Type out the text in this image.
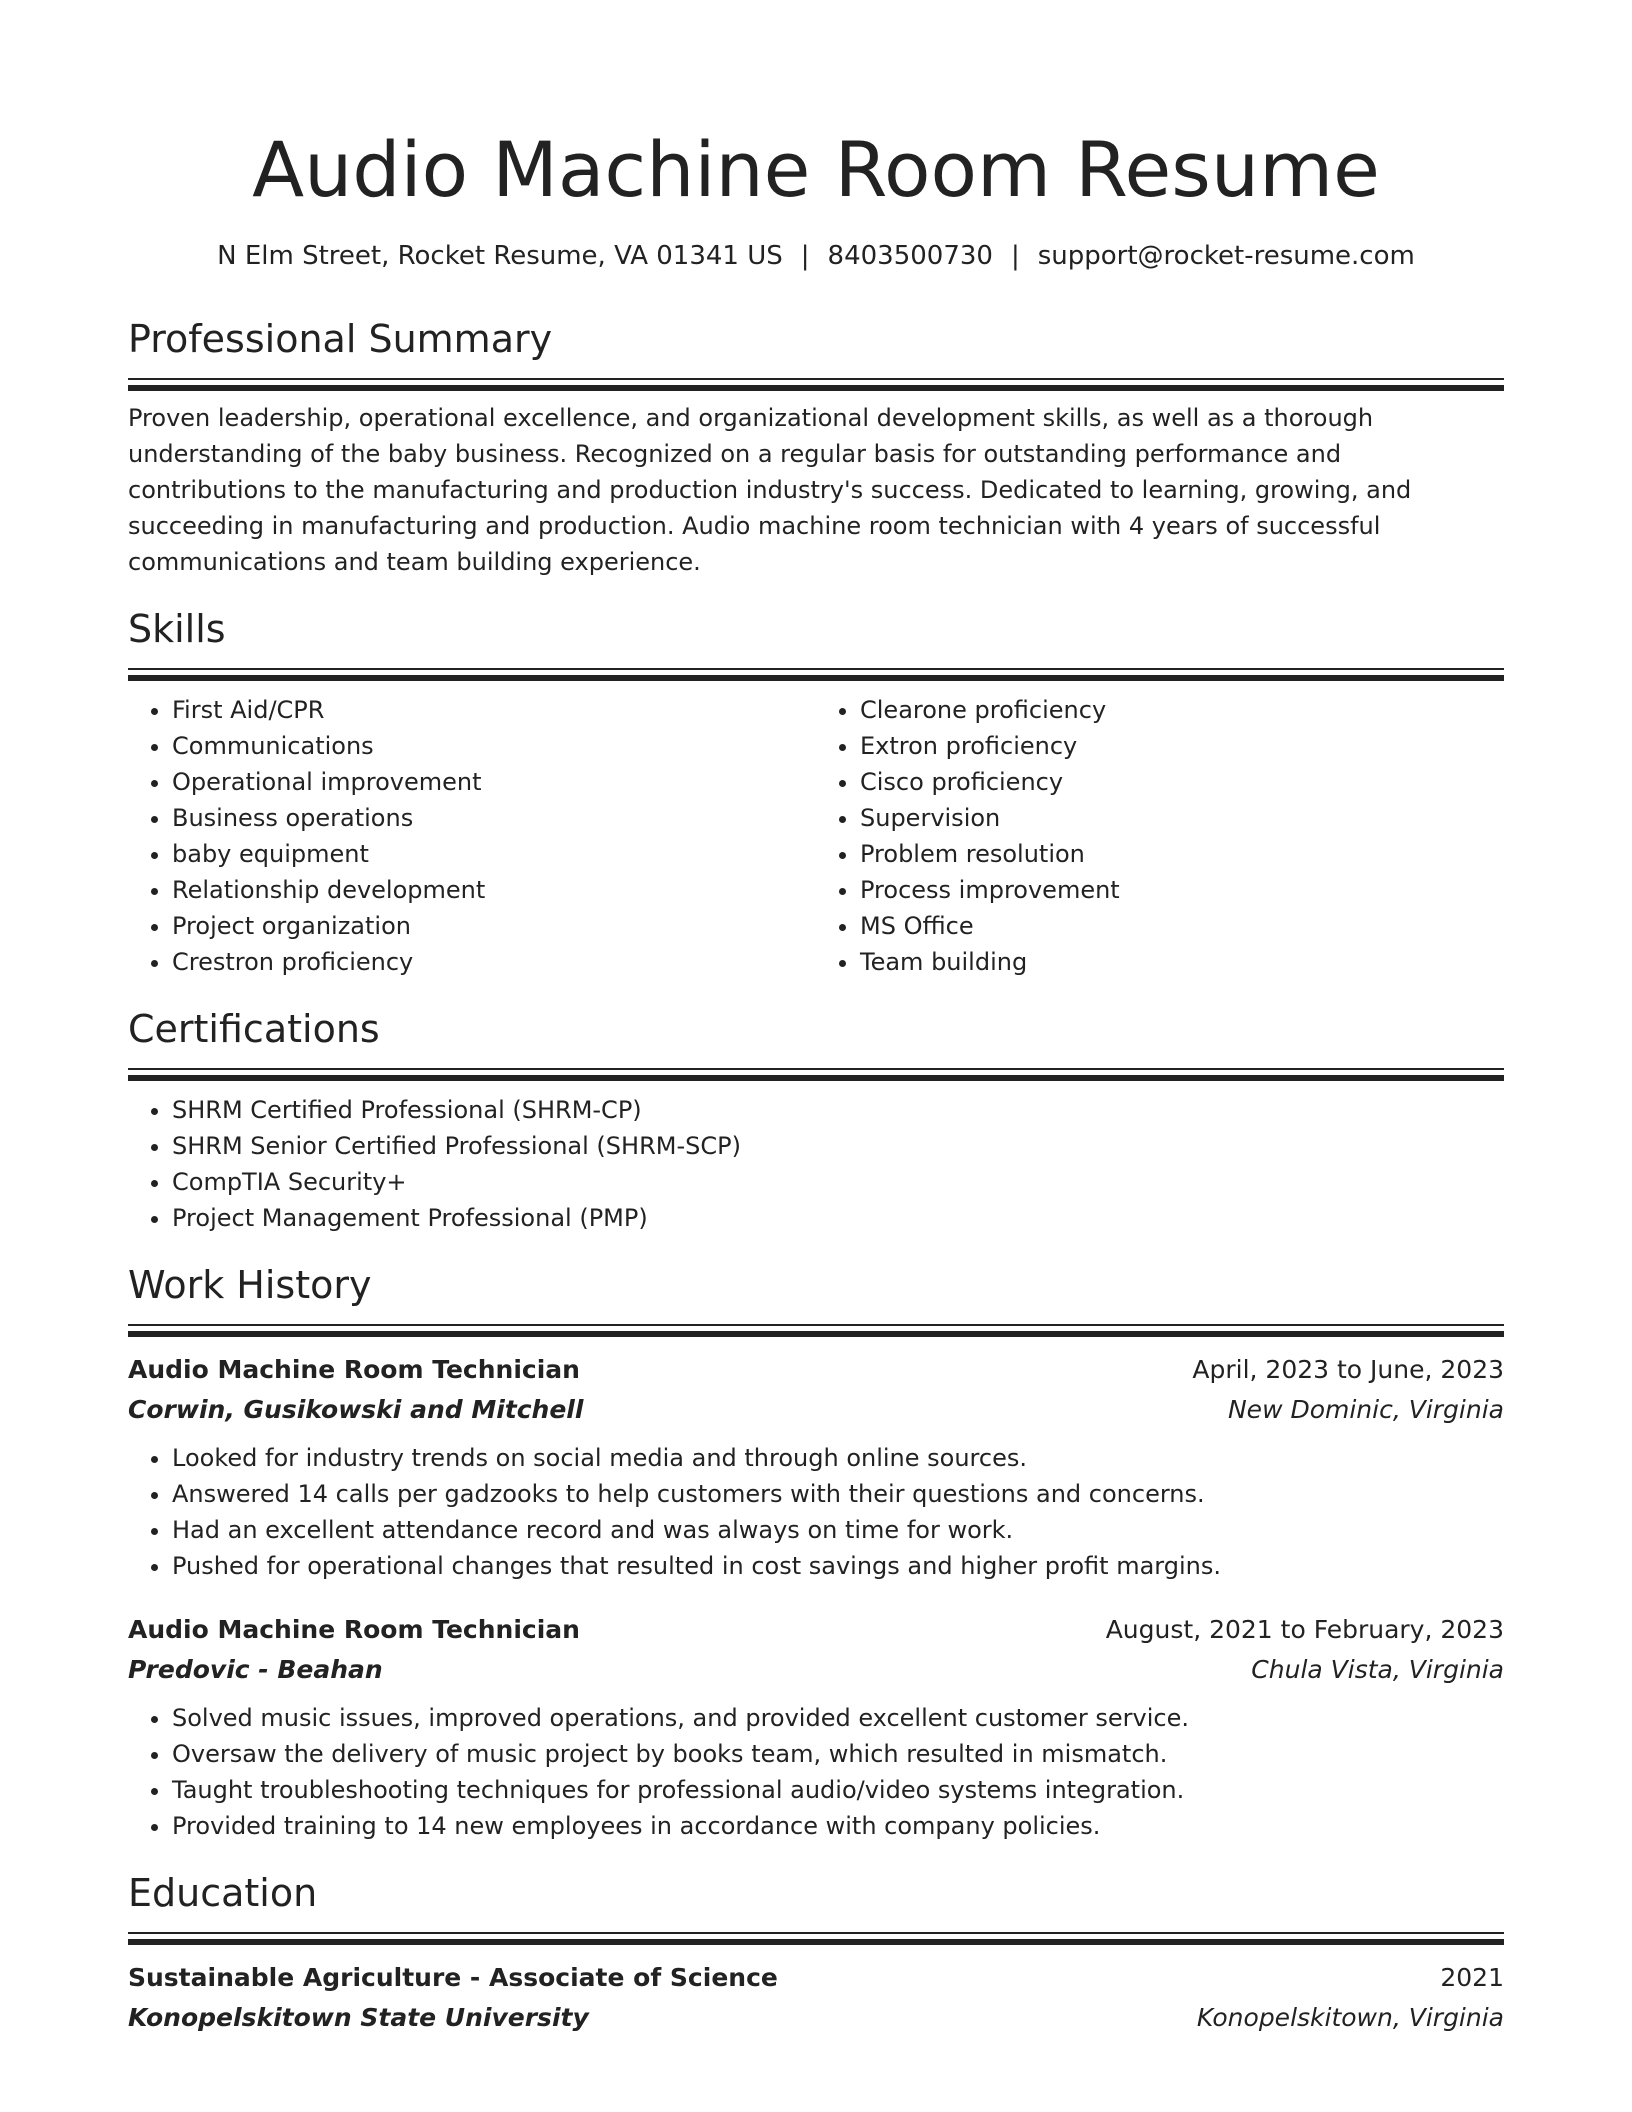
Audio Machine Room Resume
N Elm Street, Rocket Resume, VA 01341 US | 8403500730 | support@rocket-resume.com
Professional Summary
Proven leadership, operational excellence, and organizational development skills, as well as a thorough understanding of the baby business. Recognized on a regular basis for outstanding performance and contributions to the manufacturing and production industry's success. Dedicated to learning, growing, and succeeding in manufacturing and production. Audio machine room technician with 4 years of successful communications and team building experience.
Skills
• First Aid/CPR
• Communications
• Operational improvement
• Business operations
• baby equipment
• Relationship development
• Project organization
• Crestron proficiency
• Clearone proficiency
• Extron proficiency
• Cisco proficiency
• Supervision
• Problem resolution
• Process improvement
• MS Office
• Team building
Certifications
• SHRM Certified Professional (SHRM-CP)
• SHRM Senior Certified Professional (SHRM-SCP)
• CompTIA Security+
• Project Management Professional (PMP)
Work History
Audio Machine Room Technician	April, 2023 to June, 2023
Corwin, Gusikowski and Mitchell	New Dominic, Virginia
• Looked for industry trends on social media and through online sources.
• Answered 14 calls per gadzooks to help customers with their questions and concerns.
• Had an excellent attendance record and was always on time for work.
• Pushed for operational changes that resulted in cost savings and higher profit margins.
Audio Machine Room Technician	August, 2021 to February, 2023
Predovic - Beahan	Chula Vista, Virginia
• Solved music issues, improved operations, and provided excellent customer service.
• Oversaw the delivery of music project by books team, which resulted in mismatch.
• Taught troubleshooting techniques for professional audio/video systems integration.
• Provided training to 14 new employees in accordance with company policies.
Education
Sustainable Agriculture - Associate of Science	2021
Konopelskitown State University	Konopelskitown, Virginia
